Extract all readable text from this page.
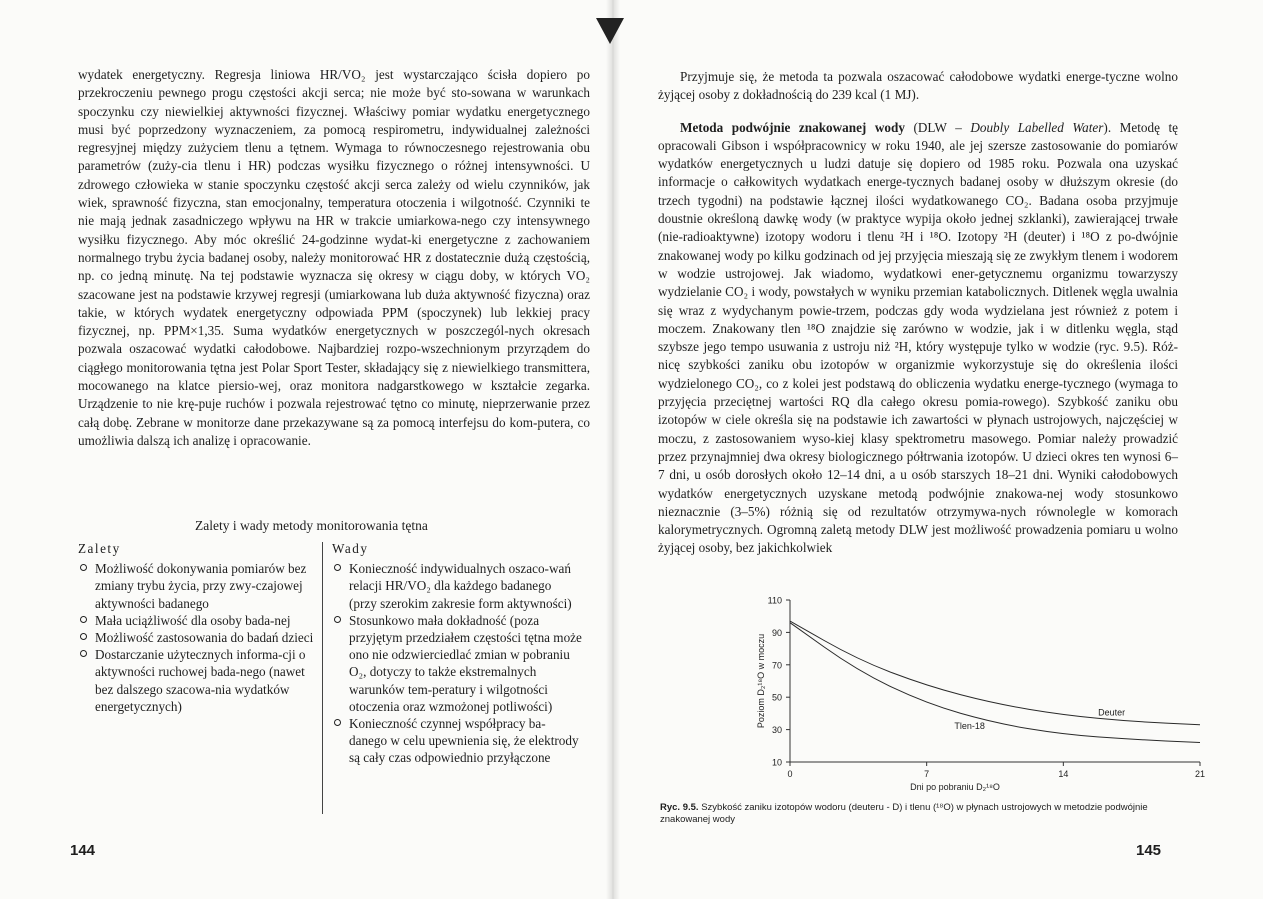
wydatek energetyczny. Regresja liniowa HR/VO₂ jest wystarczająco ścisła dopiero po przekroczeniu pewnego progu częstości akcji serca; nie może być sto-sowana w warunkach spoczynku czy niewielkiej aktywności fizycznej. Właściwy pomiar wydatku energetycznego musi być poprzedzony wyznaczeniem, za pomocą respirometru, indywidualnej zależności regresyjnej między zużyciem tlenu a tętnem. Wymaga to równoczesnego rejestrowania obu parametrów (zuży-cia tlenu i HR) podczas wysiłku fizycznego o różnej intensywności. U zdrowego człowieka w stanie spoczynku częstość akcji serca zależy od wielu czynników, jak wiek, sprawność fizyczna, stan emocjonalny, temperatura otoczenia i wilgotność. Czynniki te nie mają jednak zasadniczego wpływu na HR w trakcie umiarkowa-nego czy intensywnego wysiłku fizycznego. Aby móc określić 24-godzinne wydat-ki energetyczne z zachowaniem normalnego trybu życia badanej osoby, należy monitorować HR z dostatecznie dużą częstością, np. co jedną minutę. Na tej podstawie wyznacza się okresy w ciągu doby, w których VO₂ szacowane jest na podstawie krzywej regresji (umiarkowana lub duża aktywność fizyczna) oraz takie, w których wydatek energetyczny odpowiada PPM (spoczynek) lub lekkiej pracy fizycznej, np. PPM×1,35. Suma wydatków energetycznych w poszczegól-nych okresach pozwala oszacować wydatki całodobowe. Najbardziej rozpo-wszechnionym przyrządem do ciągłego monitorowania tętna jest Polar Sport Tester, składający się z niewielkiego transmittera, mocowanego na klatce piersio-wej, oraz monitora nadgarstkowego w kształcie zegarka. Urządzenie to nie krę-puje ruchów i pozwala rejestrować tętno co minutę, nieprzerwanie przez całą dobę. Zebrane w monitorze dane przekazywane są za pomocą interfejsu do kom-putera, co umożliwia dalszą ich analizę i opracowanie.

Zalety i wady metody monitorowania tętna
Zalety
Możliwość dokonywania pomiarów bez zmiany trybu życia, przy zwy-czajowej aktywności badanego
Mała uciążliwość dla osoby bada-nej
Możliwość zastosowania do badań dzieci
Dostarczanie użytecznych informa-cji o aktywności ruchowej bada-nego (nawet bez dalszego szacowa-nia wydatków energetycznych)
Wady
Konieczność indywidualnych oszaco-wań relacji HR/VO₂ dla każdego badanego (przy szerokim zakresie form aktywności)
Stosunkowo mała dokładność (poza przyjętym przedziałem częstości tętna może ono nie odzwierciedlać zmian w pobraniu O₂, dotyczy to także ekstremalnych warunków tem-peratury i wilgotności otoczenia oraz wzmożonej potliwości)
Konieczność czynnej współpracy ba-danego w celu upewnienia się, że elektrody są cały czas odpowiednio przyłączone
144

Przyjmuje się, że metoda ta pozwala oszacować całodobowe wydatki energe-tyczne wolno żyjącej osoby z dokładnością do 239 kcal (1 MJ).

Metoda podwójnie znakowanej wody (DLW – Doubly Labelled Water). Metodę tę opracowali Gibson i współpracownicy w roku 1940, ale jej szersze zastosowanie do pomiarów wydatków energetycznych u ludzi datuje się dopiero od 1985 roku. Pozwala ona uzyskać informacje o całkowitych wydatkach energe-tycznych badanej osoby w dłuższym okresie (do trzech tygodni) na podstawie łącznej ilości wydatkowanego CO₂. Badana osoba przyjmuje doustnie określoną dawkę wody (w praktyce wypija około jednej szklanki), zawierającej trwałe (nie-radioaktywne) izotopy wodoru i tlenu ²H i ¹⁸O. Izotopy ²H (deuter) i ¹⁸O z po-dwójnie znakowanej wody po kilku godzinach od jej przyjęcia mieszają się ze zwykłym tlenem i wodorem w wodzie ustrojowej. Jak wiadomo, wydatkowi ener-getycznemu organizmu towarzyszy wydzielanie CO₂ i wody, powstałych w wyniku przemian katabolicznych. Ditlenek węgla uwalnia się wraz z wydychanym powie-trzem, podczas gdy woda wydzielana jest również z potem i moczem. Znakowany tlen ¹⁸O znajdzie się zarówno w wodzie, jak i w ditlenku węgla, stąd szybsze jego tempo usuwania z ustroju niż ²H, który występuje tylko w wodzie (ryc. 9.5). Róż-nicę szybkości zaniku obu izotopów w organizmie wykorzystuje się do określenia ilości wydzielonego CO₂, co z kolei jest podstawą do obliczenia wydatku energe-tycznego (wymaga to przyjęcia przeciętnej wartości RQ dla całego okresu pomia-rowego). Szybkość zaniku obu izotopów w ciele określa się na podstawie ich zawartości w płynach ustrojowych, najczęściej w moczu, z zastosowaniem wyso-kiej klasy spektrometru masowego. Pomiar należy prowadzić przez przynajmniej dwa okresy biologicznego półtrwania izotopów. U dzieci okres ten wynosi 6–7 dni, u osób dorosłych około 12–14 dni, a u osób starszych 18–21 dni. Wyniki całodobowych wydatków energetycznych uzyskane metodą podwójnie znakowa-nej wody stosunkowo nieznacznie (3–5%) różnią się od rezultatów otrzymywa-nych równolegle w komorach kalorymetrycznych. Ogromną zaletą metody DLW jest możliwość prowadzenia pomiaru u wolno żyjącej osoby, bez jakichkolwiek

10
30
50
70
90
110
0	7	14	21
Deuter
Tlen-18
Dni po pobraniu D₂¹⁸O
Poziom D₂¹⁸O w moczu
Ryc. 9.5. Szybkość zaniku izotopów wodoru (deuteru - D) i tlenu (¹⁸O) w płynach ustrojowych w metodzie podwójnie znakowanej wody
145
